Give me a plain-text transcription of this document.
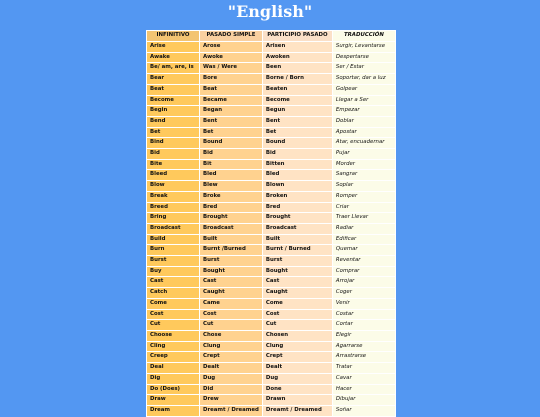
"English"
INFINITIVO	PASADO SIMPLE	PARTICIPIO PASADO	TRADUCCIÓN
Arise	Arose	Arisen	Surgir, Levantarse
Awake	Awoke	Awoken	Despertarse
Be/ am, are, is	Was / Were	Been	Ser / Estar
Bear	Bore	Borne / Born	Soportar, dar a luz
Beat	Beat	Beaten	Golpear
Become	Became	Become	Llegar a Ser
Begin	Began	Begun	Empezar
Bend	Bent	Bent	Doblar
Bet	Bet	Bet	Apostar
Bind	Bound	Bound	Atar, encuadernar
Bid	Bid	Bid	Pujar
Bite	Bit	Bitten	Morder
Bleed	Bled	Bled	Sangrar
Blow	Blew	Blown	Soplar
Break	Broke	Broken	Romper
Breed	Bred	Bred	Criar
Bring	Brought	Brought	Traer Llevar
Broadcast	Broadcast	Broadcast	Radiar
Build	Built	Built	Edificar
Burn	Burnt /Burned	Burnt / Burned	Quemar
Burst	Burst	Burst	Reventar
Buy	Bought	Bought	Comprar
Cast	Cast	Cast	Arrojar
Catch	Caught	Caught	Coger
Come	Came	Come	Venir
Cost	Cost	Cost	Costar
Cut	Cut	Cut	Cortar
Choose	Chose	Chosen	Elegir
Cling	Clung	Clung	Agarrarse
Creep	Crept	Crept	Arrastrarse
Deal	Dealt	Dealt	Tratar
Dig	Dug	Dug	Cavar
Do (Does)	Did	Done	Hacer
Draw	Drew	Drawn	Dibujar
Dream	Dreamt / Dreamed	Dreamt / Dreamed	Soñar
